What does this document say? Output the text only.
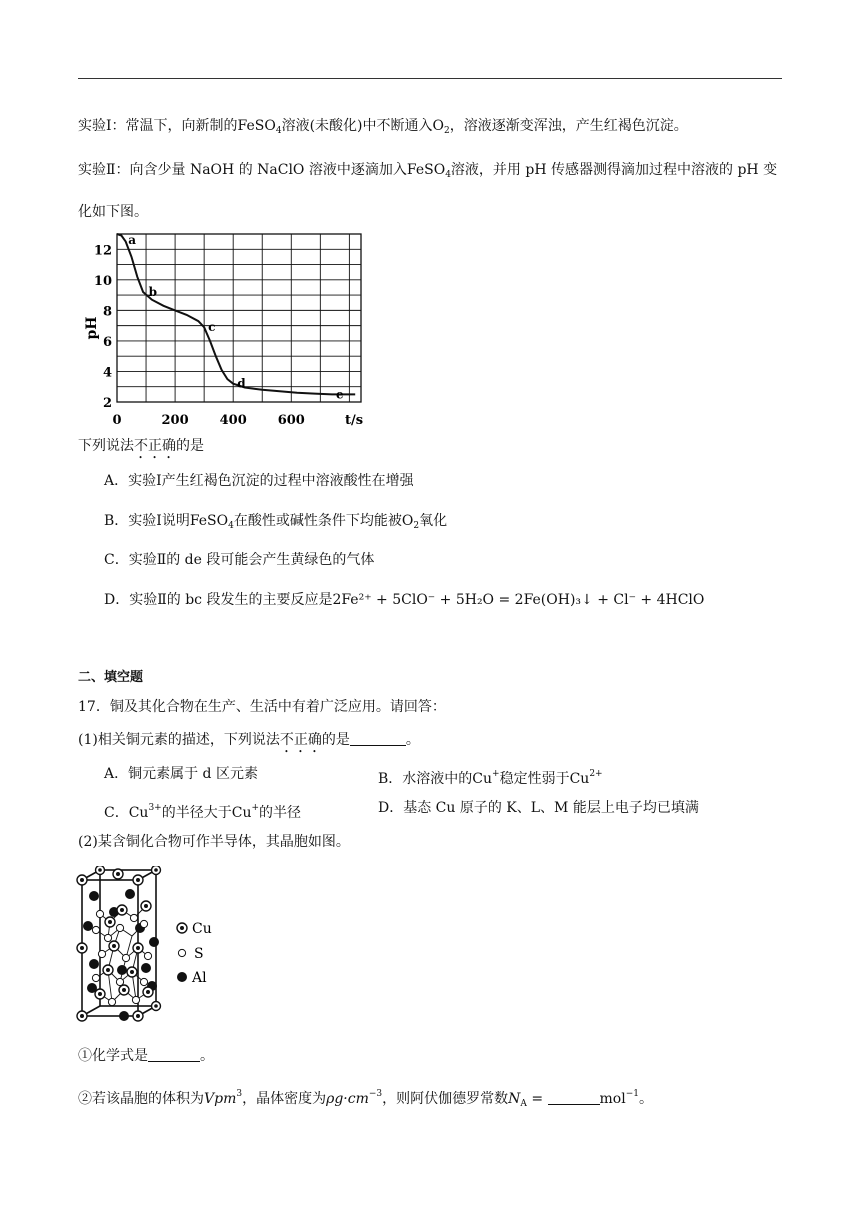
实验Ⅰ：常温下，向新制的FeSO$_4$溶液(未酸化)中不断通入$O_2$，溶液逐渐变浑浊，产生红褐色沉淀。
实验Ⅱ：向含少量 NaOH 的 NaClO 溶液中逐滴加入FeSO$_4$溶液，并用 pH 传感器测得滴加过程中溶液的 pH 变
化如下图。
0	200 400 600
2
4
6
8
10
12
a
b
c
d
e
pH
t/s
下列说法不正确的是
A．实验Ⅰ产生红褐色沉淀的过程中溶液酸性在增强
B．实验Ⅰ说明FeSO$_4$在酸性或碱性条件下均能被$O_2$氧化
C．实验Ⅱ的 de 段可能会产生黄绿色的气体
D．实验Ⅱ的 bc 段发生的主要反应是2Fe²⁺ + 5ClO⁻ + 5H₂O = 2Fe(OH)₃↓ + Cl⁻ + 4HClO
二、填空题
17．铜及其化合物在生产、生活中有着广泛应用。请回答：
(1)相关铜元素的描述，下列说法不正确的是	。
A．铜元素属于 d 区元素	B．水溶液中的Cu+稳定性弱于$Cu^{2+}$
C．$Cu^{3+}$的半径大于Cu+的半径	D．基态 Cu 原子的 K、L、M 能层上电子均已填满
(2)某含铜化合物可作半导体，其晶胞如图。
Cu
S
Al
①化学式是	。
②若该晶胞的体积为Vpm$^3$，晶体密度为$\rho g\cdot cm^{-3}$，则阿伏伽德罗常数$N_A$ =	mol$^{-1}$。
